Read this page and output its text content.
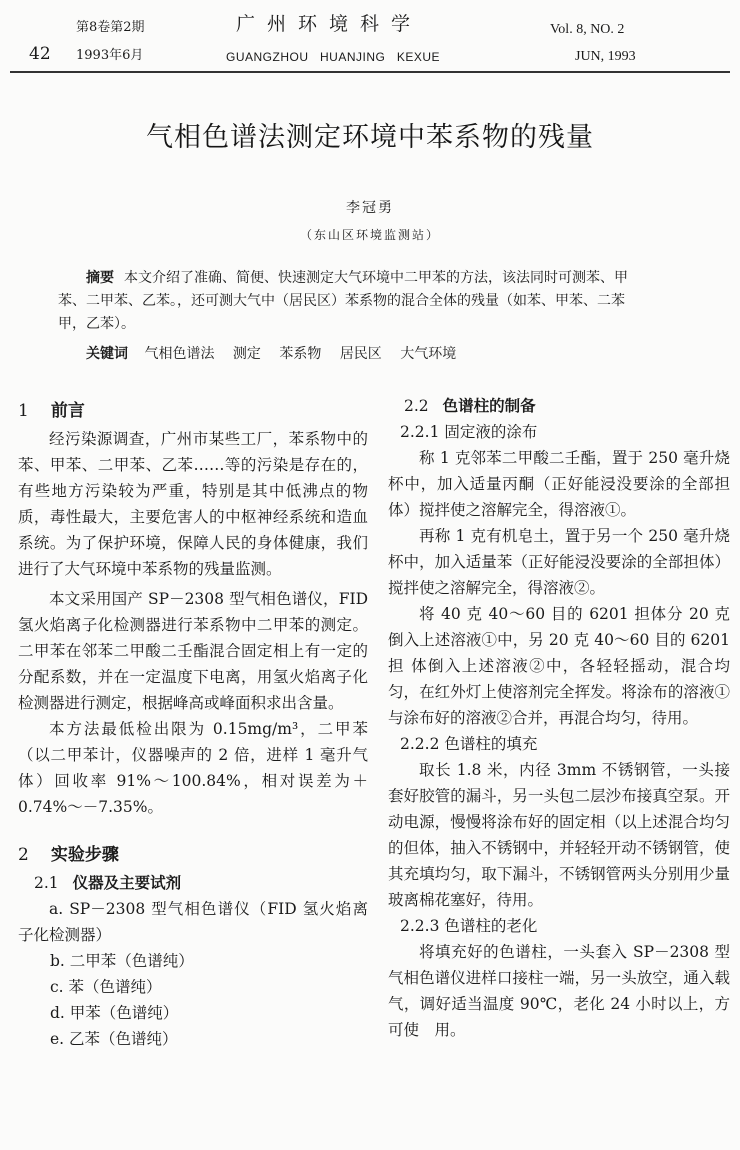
42
第8卷第2期
1993年6月
广州环境科学
GUANGZHOU   HUANJING   KEXUE
Vol. 8, NO. 2
JUN, 1993
气相色谱法测定环境中苯系物的残量
李冠勇
（东山区环境监测站）
摘要 本文介绍了准确、简便、快速测定大气环境中二甲苯的方法，该法同时可测苯、甲苯、二甲苯、乙苯。，还可测大气中（居民区）苯系物的混合全体的残量（如苯、甲苯、二苯甲，乙苯）。
关键词 气相色谱法 测定 苯系物 居民区 大气环境
1 前言

经污染源调查，广州市某些工厂，苯系物中的苯、甲苯、二甲苯、乙苯……等的污染是存在的，有些地方污染较为严重，特别是其中低沸点的物质，毒性最大，主要危害人的中枢神经系统和造血系统。为了保护环境，保障人民的身体健康，我们进行了大气环境中苯系物的残量监测。

本文采用国产 SP－2308 型气相色谱仪，FID 氢火焰离子化检测器进行苯系物中二甲苯的测定。二甲苯在邻苯二甲酸二壬酯混合固定相上有一定的分配系数，并在一定温度下电离，用氢火焰离子化检测器进行测定，根据峰高或峰面积求出含量。

本方法最低检出限为 0.15mg/m³，二甲苯（以二甲苯计，仪器噪声的 2 倍，进样 1 毫升气体）回收率 91%～100.84%，相对误差为＋0.74%～－7.35%。

2 实验步骤
2.1 仪器及主要试剂

a. SP－2308 型气相色谱仪（FID 氢火焰离子化检测器）

b. 二甲苯（色谱纯）
c. 苯（色谱纯）
d. 甲苯（色谱纯）
e. 乙苯（色谱纯）
2.2 色谱柱的制备
2.2.1 固定液的涂布

称 1 克邻苯二甲酸二壬酯，置于 250 毫升烧杯中，加入适量丙酮（正好能浸没要涂的全部担体）搅拌使之溶解完全，得溶液①。

再称 1 克有机皂土，置于另一个 250 毫升烧杯中，加入适量苯（正好能浸没要涂的全部担体）搅拌使之溶解完全，得溶液②。

将 40 克 40～60 目的 6201 担体分 20 克倒入上述溶液①中，另 20 克 40～60 目的 6201 担 体倒入上述溶液②中，各轻轻摇动，混合均匀，在红外灯上使溶剂完全挥发。将涂布的溶液①与涂布好的溶液②合并，再混合均匀，待用。

2.2.2 色谱柱的填充

取长 1.8 米，内径 3mm 不锈钢管，一头接套好胶管的漏斗，另一头包二层沙布接真空泵。开动电源，慢慢将涂布好的固定相（以上述混合均匀的但体，抽入不锈钢中，并轻轻开动不锈钢管，使其充填均匀，取下漏斗，不锈钢管两头分别用少量玻离棉花塞好，待用。

2.2.3 色谱柱的老化

将填充好的色谱柱，一头套入 SP－2308 型气相色谱仪进样口接柱一端，另一头放空，通入载气，调好适当温度 90℃，老化 24 小时以上，方可使　用。
